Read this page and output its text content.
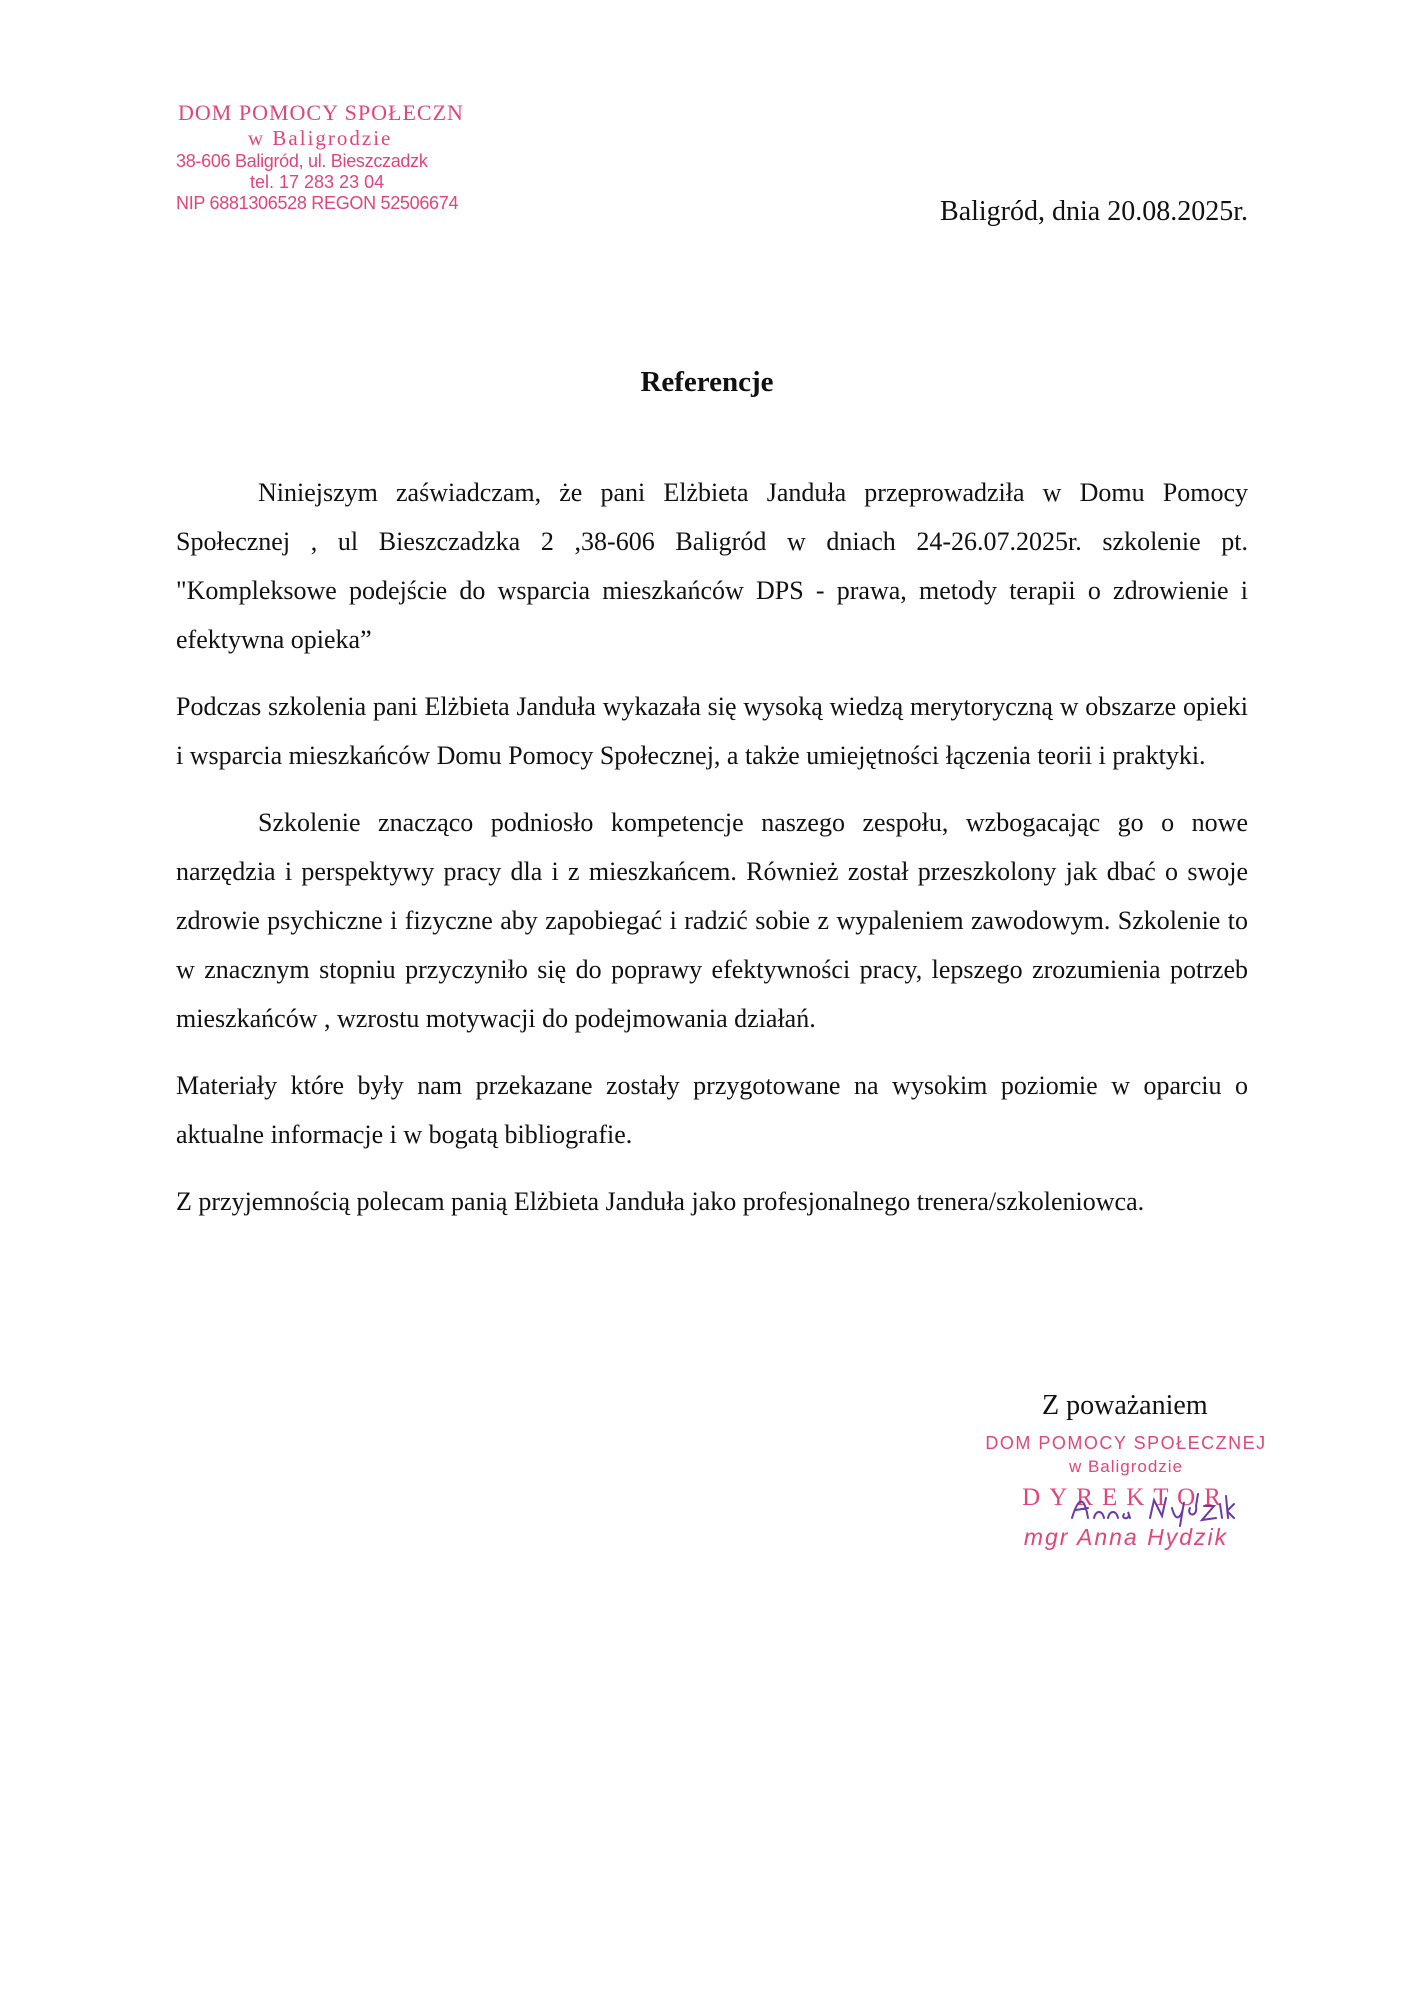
DOM POMOCY SPOŁECZN
w Baligrodzie
38-606 Baligród, ul. Bieszczadzk
tel. 17 283 23 04
NIP 6881306528 REGON 52506674	Baligród, dnia 20.08.2025r.
Referencje

Niniejszym zaświadczam, że pani Elżbieta Janduła przeprowadziła w Domu Pomocy Społecznej , ul Bieszczadzka 2 ,38-606 Baligród w dniach 24-26.07.2025r. szkolenie pt. "Kompleksowe podejście do wsparcia mieszkańców DPS - prawa, metody terapii o zdrowienie i efektywna opieka”

Podczas szkolenia pani Elżbieta Janduła wykazała się wysoką wiedzą merytoryczną w obszarze opieki i wsparcia mieszkańców Domu Pomocy Społecznej, a także umiejętności łączenia teorii i praktyki.

Szkolenie znacząco podniosło kompetencje naszego zespołu, wzbogacając go o nowe narzędzia i perspektywy pracy dla i z mieszkańcem. Również został przeszkolony jak dbać o swoje zdrowie psychiczne i fizyczne aby zapobiegać i radzić sobie z wypaleniem zawodowym. Szkolenie to w znacznym stopniu przyczyniło się do poprawy efektywności pracy, lepszego zrozumienia potrzeb mieszkańców , wzrostu motywacji do podejmowania działań.

Materiały które były nam przekazane zostały przygotowane na wysokim poziomie w oparciu o aktualne informacje i w bogatą bibliografie.

Z przyjemnością polecam panią Elżbieta Janduła jako profesjonalnego trenera/szkoleniowca.

Z poważaniem
DOM POMOCY SPOŁECZNEJ
w Baligrodzie
DYREKTOR
mgr Anna Hydzik
